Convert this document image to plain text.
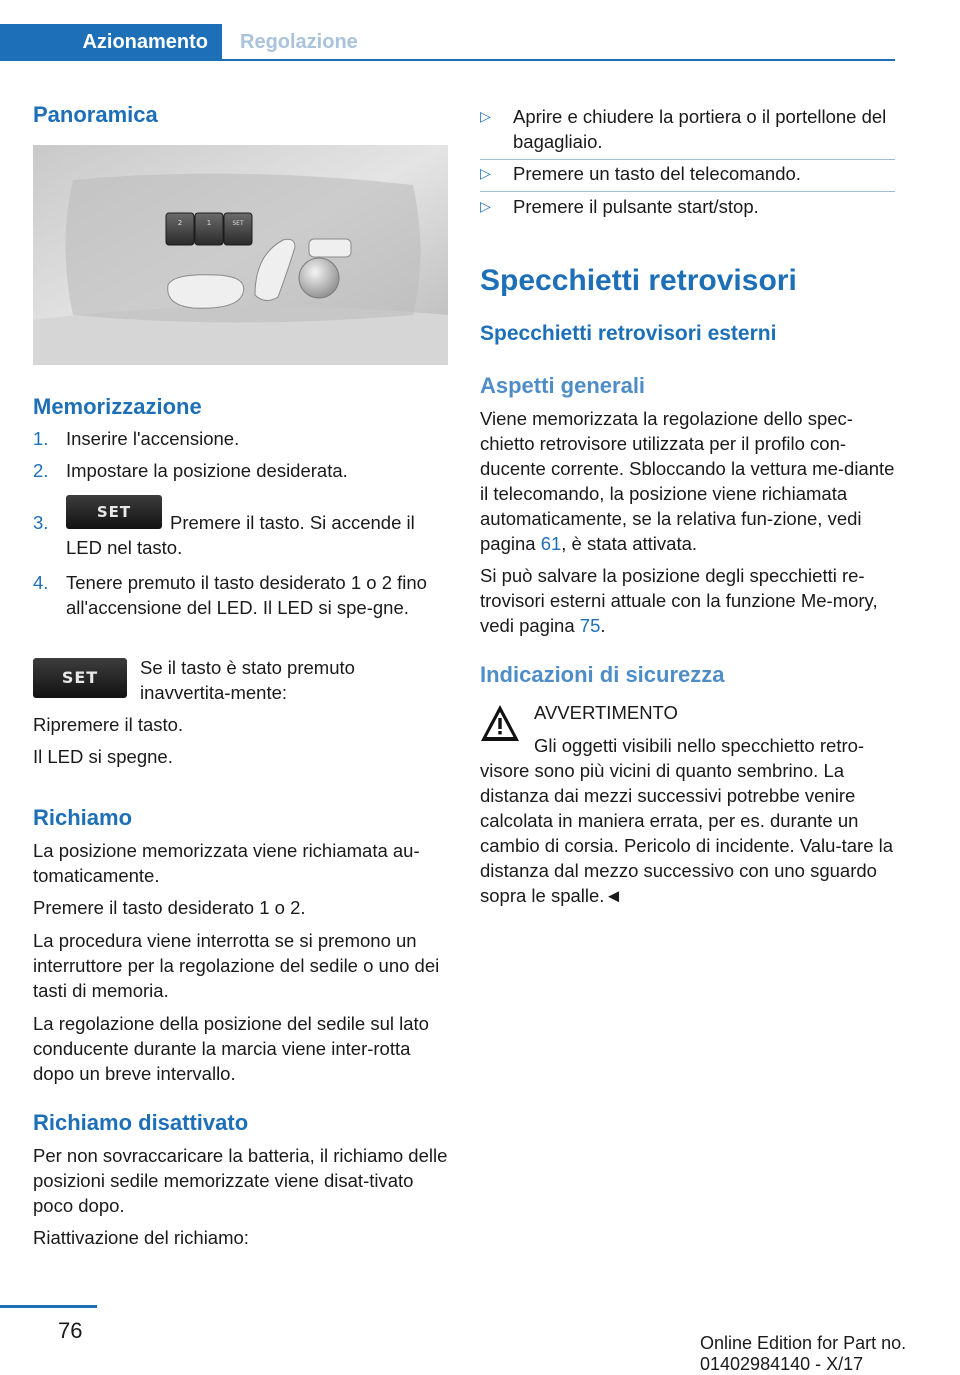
Azionamento	Regolazione
Panoramica
2	1	SET
Memorizzazione
1. Inserire l'accensione.
2. Impostare la posizione desiderata.
3.	SET	Premere il tasto. Si accende il LED nel tasto.
4. Tenere premuto il tasto desiderato 1 o 2 fino all'accensione del LED. Il LED si spe‐gne.
SET	Se il tasto è stato premuto inavvertita‐mente:

Ripremere il tasto.

Il LED si spegne.

Richiamo

La posizione memorizzata viene richiamata au‐tomaticamente.

Premere il tasto desiderato 1 o 2.

La procedura viene interrotta se si premono un interruttore per la regolazione del sedile o uno dei tasti di memoria.

La regolazione della posizione del sedile sul lato conducente durante la marcia viene inter‐rotta dopo un breve intervallo.

Richiamo disattivato

Per non sovraccaricare la batteria, il richiamo delle posizioni sedile memorizzate viene disat‐tivato poco dopo.

Riattivazione del richiamo:

▷ Aprire e chiudere la portiera o il portellone del bagagliaio.
▷ Premere un tasto del telecomando.
▷ Premere il pulsante start/stop.
Specchietti retrovisori
Specchietti retrovisori esterni
Aspetti generali

Viene memorizzata la regolazione dello spec‐chietto retrovisore utilizzata per il profilo con‐ducente corrente. Sbloccando la vettura me‐diante il telecomando, la posizione viene richiamata automaticamente, se la relativa fun‐zione, vedi pagina 61, è stata attivata.

Si può salvare la posizione degli specchietti re‐trovisori esterni attuale con la funzione Me‐mory, vedi pagina 75.

Indicazioni di sicurezza
AVVERTIMENTO
Gli oggetti visibili nello specchietto retro‐

visore sono più vicini di quanto sembrino. La distanza dai mezzi successivi potrebbe venire calcolata in maniera errata, per es. durante un cambio di corsia. Pericolo di incidente. Valu‐tare la distanza dal mezzo successivo con uno sguardo sopra le spalle.◄

76	Online Edition for Part no. 01402984140 - X/17
